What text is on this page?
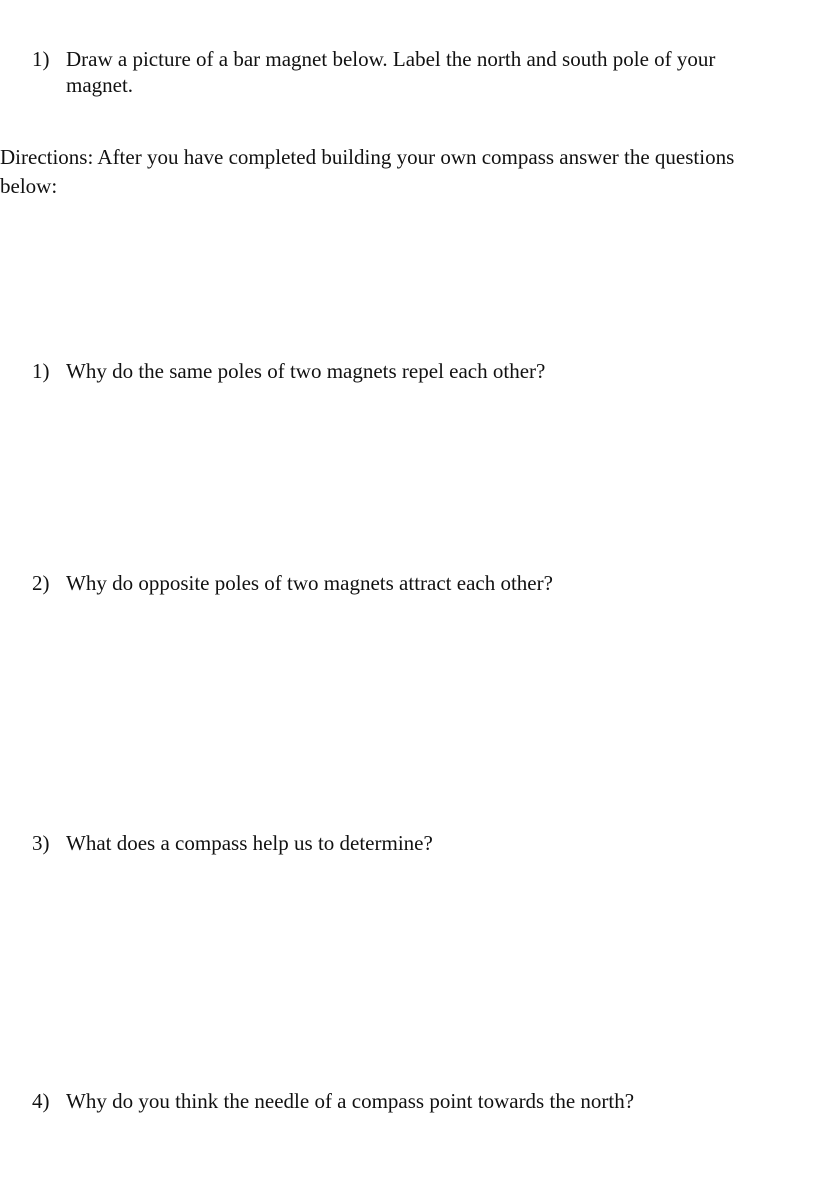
1) Draw a picture of a bar magnet below. Label the north and south pole of your magnet.
Directions: After you have completed building your own compass answer the questions below:
1) Why do the same poles of two magnets repel each other?
2) Why do opposite poles of two magnets attract each other?
3) What does a compass help us to determine?
4) Why do you think the needle of a compass point towards the north?
